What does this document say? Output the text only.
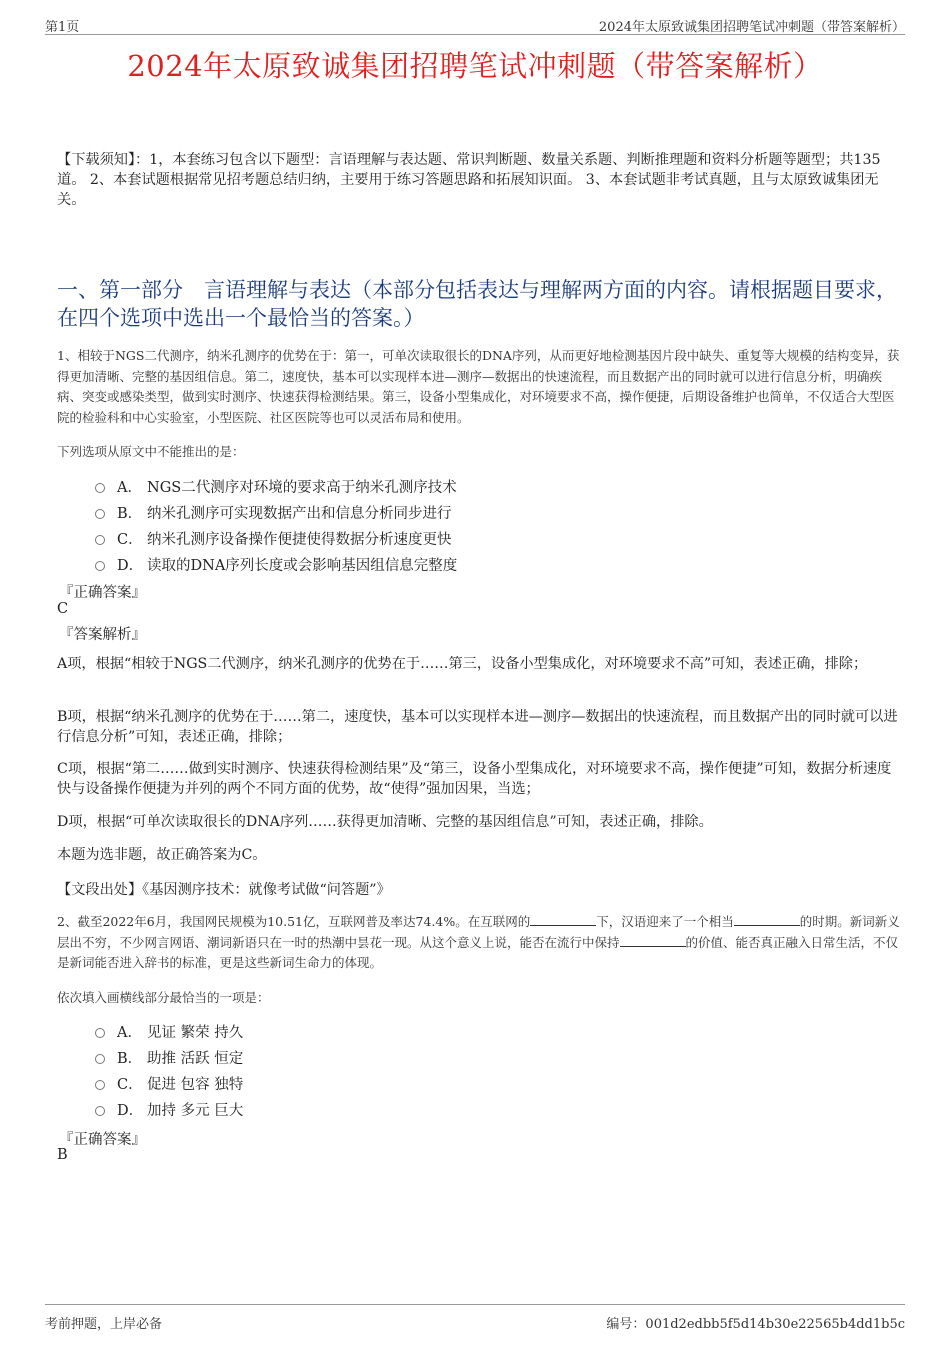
第1页	2024年太原致诚集团招聘笔试冲刺题（带答案解析）
2024年太原致诚集团招聘笔试冲刺题（带答案解析）
【下载须知】：1，本套练习包含以下题型：言语理解与表达题、常识判断题、数量关系题、判断推理题和资料分析题等题型；共135道。 2、本套试题根据常见招考题总结归纳，主要用于练习答题思路和拓展知识面。 3、本套试题非考试真题，且与太原致诚集团无关。
一、第一部分　言语理解与表达（本部分包括表达与理解两方面的内容。请根据题目要求，在四个选项中选出一个最恰当的答案。）
1、相较于NGS二代测序，纳米孔测序的优势在于：第一，可单次读取很长的DNA序列，从而更好地检测基因片段中缺失、重复等大规模的结构变异，获得更加清晰、完整的基因组信息。第二，速度快，基本可以实现样本进—测序—数据出的快速流程，而且数据产出的同时就可以进行信息分析，明确疾病、突变或感染类型，做到实时测序、快速获得检测结果。第三，设备小型集成化，对环境要求不高，操作便捷，后期设备维护也简单，不仅适合大型医院的检验科和中心实验室，小型医院、社区医院等也可以灵活布局和使用。
下列选项从原文中不能推出的是：
A． NGS二代测序对环境的要求高于纳米孔测序技术
B． 纳米孔测序可实现数据产出和信息分析同步进行
C． 纳米孔测序设备操作便捷使得数据分析速度更快
D． 读取的DNA序列长度或会影响基因组信息完整度
『正确答案』
C
『答案解析』
A项，根据“相较于NGS二代测序，纳米孔测序的优势在于……第三，设备小型集成化，对环境要求不高”可知，表述正确，排除；
B项，根据“纳米孔测序的优势在于……第二，速度快，基本可以实现样本进—测序—数据出的快速流程，而且数据产出的同时就可以进行信息分析”可知，表述正确，排除；
C项，根据“第二……做到实时测序、快速获得检测结果”及“第三，设备小型集成化，对环境要求不高，操作便捷”可知，数据分析速度快与设备操作便捷为并列的两个不同方面的优势，故“使得”强加因果，当选；
D项，根据“可单次读取很长的DNA序列……获得更加清晰、完整的基因组信息”可知，表述正确，排除。
本题为选非题，故正确答案为C。
【文段出处】《基因测序技术：就像考试做“问答题”》
2、截至2022年6月，我国网民规模为10.51亿，互联网普及率达74.4%。在互联网的	下，汉语迎来了一个相当	的时期。新词新义层出不穷，不少网言网语、潮词新语只在一时的热潮中昙花一现。从这个意义上说，能否在流行中保持	的价值、能否真正融入日常生活，不仅是新词能否进入辞书的标准，更是这些新词生命力的体现。
依次填入画横线部分最恰当的一项是：
A． 见证 繁荣 持久
B． 助推 活跃 恒定
C． 促进 包容 独特
D． 加持 多元 巨大
『正确答案』
B
考前押题，上岸必备	编号：001d2edbb5f5d14b30e22565b4dd1b5c
